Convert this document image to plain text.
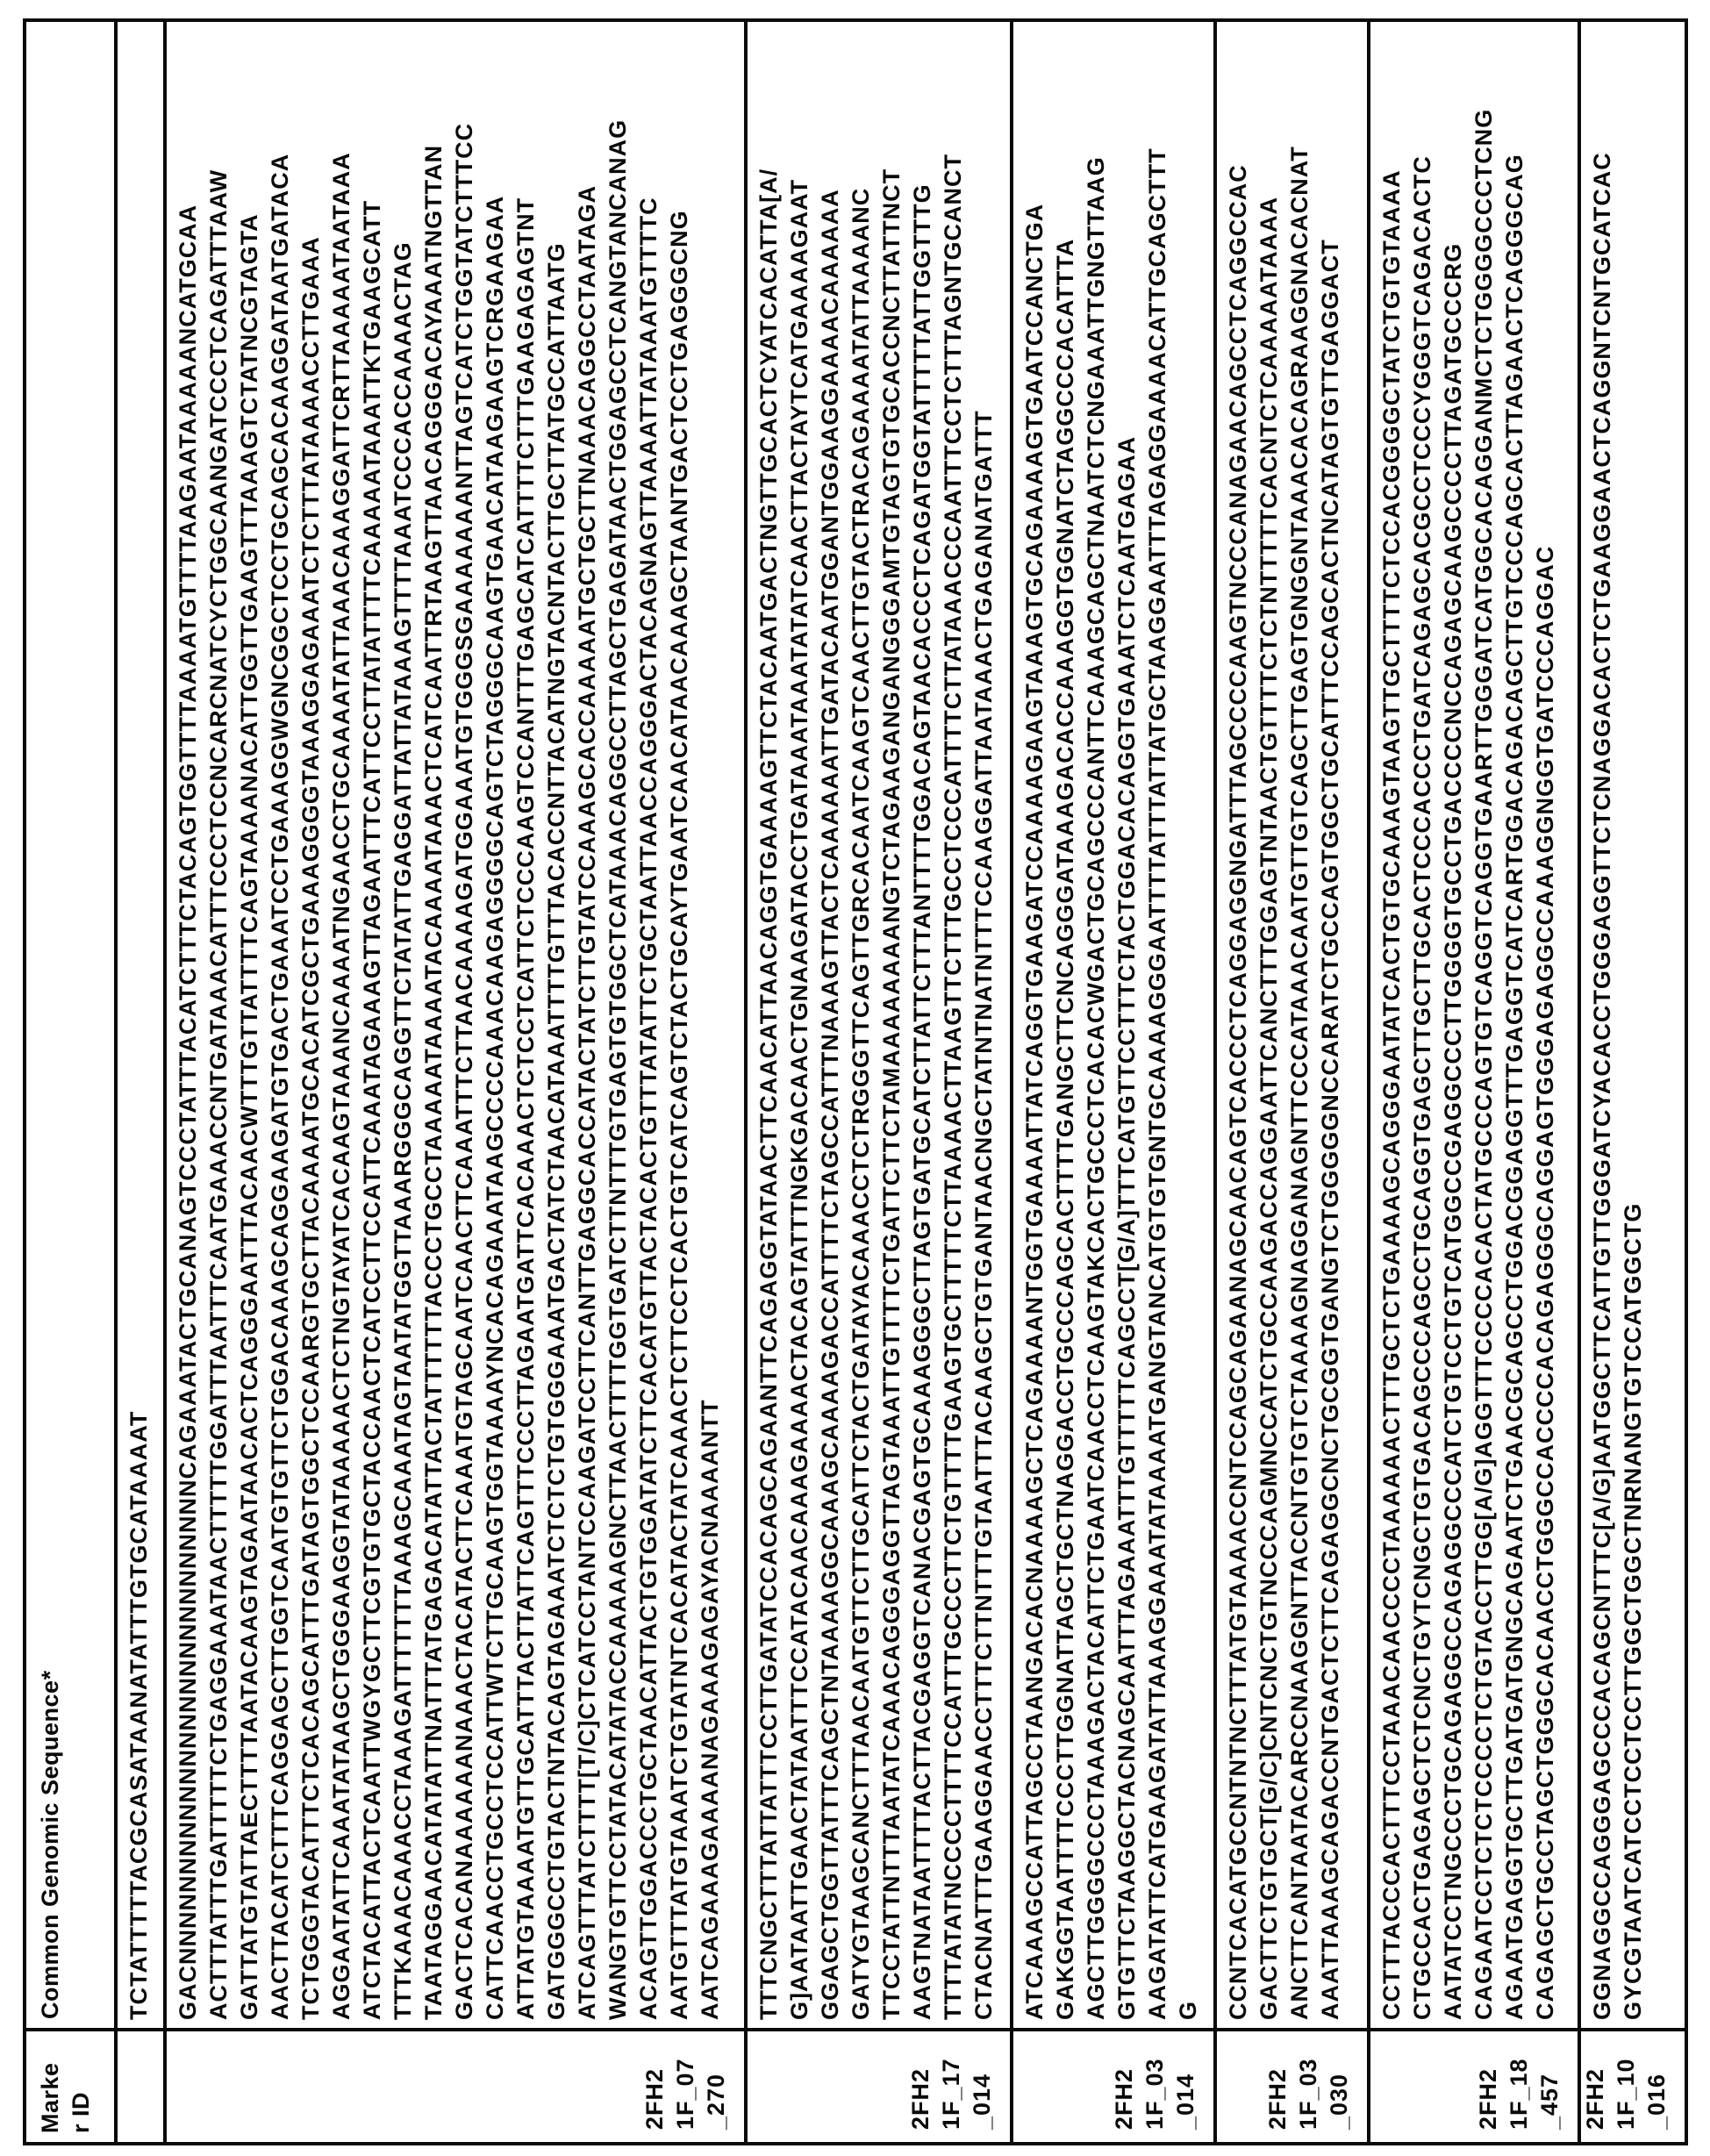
Marke r ID
Common Genomic Sequence*	TCTATTTTTACGCASATAANATATTTGTGCATAAAAT
2FH2 1F_07 _270
GACNNNNNNNNNNNNNNNNNNNNNNNNNNNCAGAAATACTGCANAGTCCCTATTTACATCTTTCTACAGTGGTTTTAAAATGTTTTAAGAATAAAAANCATGCAA ACTTTATTTGATTTTTCTGAGGAAATAACTTTTTGGATTTAATTTCAATGAAACCNTGATAAACATTTCCCTCCNCARCNATCYCTGGCAANGATCCCTCAGATTTAAW GATTATGTATTAECTTTTAATACAAGTAGAATAACACTCAGGGAATTTACAACWTTTGTTATTTTCAGTAAAANACATTGGTTGAAGTTTAAAGTCTATNCGTAGTA AACTTACATCTTTCAGGAGCTTGGTCAATGTGTTCTGGACAAAGCAGGAAGATGTGACTGAAATCCTGAAAGGWGNCGGCTCCTGCAGCACAAGGATAATGATACA TCTGGGTACATTTCTCACAGCATTTGATAGTGGCTCCAARGTGCTTACAAAATGCACATCGCTGAAAGGGGTAAAGGAGAAATCTCTTTATAAAACCTTGAAA AGGAATATTCAAATATAAGCTGGGAAGGTATAAAAACTCTNGTAYATCACAAGTAAANCAAAATNGAACCTGCAAAATATTAAACAAAGGATTCRTTAAAAATAATAAA ATCTACATTACTCAATTWGYGCTTCGTGTGCTACCAACTCATCCTTCCATTCAAATAGAAAGTTAGAATTTCATTCCTTATATTTTCAAAAATAAATTKTGAAGCATT TTTKAAACAAACCTAAAGATTTTTTTAAAGCAAATAGTAATATGGTTAAARGGGCAGGTTCTATATTGAGGATTATTATAAAGTTTTAAATCCCACCAAAACTAG TAATAGGAACATATATTNATTTATGAGACATATTACTATTTTTTACCCTGCCTAAAAATAAAATACAAAATAAACTCATCAATTRTAAGTTAACAGGGACAYAAATNGTTAN GACTCACANAAAAAANAAACTACATACTTCAAATGTAGCAATCAACTTCAAATTTCTTAACAAAAGATGGAAATGTGGGSGAAAAAAANTTAGTCATCTGGTATCTTTCC CATTCAACCTGCCTCCATTWTCTTGCAAGTGGTAAAAYNCACAGAAATAAGCCCCAAACAAGAGGGGCAGTCTAGGGCAAGTGAACATAAGAAGTCRGAAGAA ATTATGTAAAATGTTGCATTTACTTATTCAGTTTCCCTTAGAATGATTCACAAACTCTCCTCATTCTCCCAAGTCCANTTTGAGCATCATTTTCTTTGAAGAGAGTNT GATGGGCCTGTACTNTACAGTAGAAATCTCTCTGTGGGAAATGACTATCTAACATAAATTTTGTTTACACCNTTACATNGTACNTACTTGCTTATGCCATTAATG ATCAGTTTATCTTTT[T/C]CTCATCCTANTCCAAGATCCTTCANTTGAGGCACCATACTATCTTGTATCCAAAGCACCAAAAATGCTGCTTNAAACAGGCCTAATAGA WANGTGTTCCTATACATATACCAAAAAGNCTTAACTTTTGGTGATCTTNTTTGTGAGTGTGGCTCATAAACAGGCCTTAGCTGAGATAACTGGAGCCTCANGTANCANAG ACAGTTGGACCCTGCTAACATTACTGTGGATATCTTCACATGTTACTACACTGTTTATATTCTGCTAATTAACCAGGGACTACAGNAGTTAAAATTATAAATGTTTTC AATGTTTATGTAAATCTGTATNTCACATACTATCAAACTCTTCCTCACTGTCATCAGTCTACTGCAYTGAATCAACATAACAAAGCTAANTGACTCCTGAGGGCNG AATCAGAAAGAAAANAGAAAGAGAYACNAAAANTT
2FH2 1F_17 _014
TTTCNGCTTTATTATTTCCTTGATATCCACAGCAGAANTTCAGAGGTATAACTTCAACATTAACAGGTGAAAAGTTCTACAATGACTNGTTGCACTCYATCACATTA[A/ G]AATAATTGAACTATAATTTCCATACAACAAAGAAAACTACAGTATTTNGKGACAACTGNAAGATACCTGATAAATAAATATATCAACTTACTAYTCATGAAAAGAAT GGAGCTGGTTATTTCAGCTNTAAAAGGCAAAGCAAAAGACCATTTTCTAGCCATTTNAAAGTTACTCAAAAAATTGATACAATGGANTGGAAGGAAAACAAAAAA GATYGTAAGCANCTTTAACAATGTTCTTGCATTCTACTGATAYACAAACCTCTRGGGTTCAGTTGRCACAATCAAGTCAACTTGTACTRACAGAAAATATTAAAANC TTCCTATTNTTTAATATCAAACAGGGAGGTTAGTAAATTGTTTTCTGATTCTTCTAMAAAAAAAANGTCTAGAAGANGANGGGAMTGTAGTGTGCACCNCTTATTNCT AAGTNATAATTTTACTTACGAGGTCANACGAGTGCAAAGGGCTTAGTGATGCATCTTATTCTTTANTTTTGGACAGTAACACCCTCAGATGGTATTTTTATTGGTTTG TTTTATATNCCCCTTTTCCATTTGCCCTTCTGTTTTGAAGTGCTTTTTCTTAAAACTTAAGTTCTTTGCCTCCCATTTTCTTATAAACCCAATTTCCTCTTTAGNTGCANCT CTACNATTTGAAGGAACCTTTCTTNTTTGTAATTTACAAGCTGTGANTAACNGCTATNTNATNTTTCCAAGGATTAATAAACTGAGANATGATTT
2FH2 1F_03 _014
ATCAAAGCCATTAGCCTAANGACACNAAAAGCTCAGAAAANTGGTGAAAATTATCAGGTGAAGATCCAAAAGAAGTAAAGTGCAGAAAAGTGAATCCANCTGA GAKGGTAATTTTCCCTTGGNATTAGCTGCTNAGGACCTGCCCAGCACTTTTGANGCTTCNCAGGGATAAAGACACCAAAGGTGGNATCTAGGCCCACATTTA AGCTTGGGGCCCTAAAGACTACATTCTGAATCAACCTCAAGTAKCACTGCCCTCACACWGACTGCAGCCCANTTCAAAGCAGCTNAATCTCNGAAATTGNGTTAAG GTGTTCTAAGGCTACNAGCAATTTAGAAATTTGTTTTTCAGCCT[G/A]TTTCATGTTCCTTTCTACTGGACACAGGTGAAATCTCAATGAGAA AAGATATTCATGAAGATATTAAAGGAAATATAAAATGANGTANCATGTGTGNTGCAAAAGGGAATTTTATTTATTATGCTAAGGAATTTAGAGGAAAACATTGCAGCTTT G
2FH2 1F_03 _030
CCNTCACATGCCNTNTNCTTTATGTAAAACCNTCCAGCAGAANAGCAACAGTCACCCTCAGGAGGNGATTTAGCCCCAAGTNCCCANAGAACAGCCTCAGGCCAC GACTTCTGTGCT[G/C]CNTCNCTGTNCCCAGMNCCATCTGCCAAGACCAGGAATTCANCTTTGGAGTNTAACTGTTTTCTCTNTTTTTCACNTCTCAAAAATAAAA ANCTTCANTAATACARCCNAAGGNTTACCNTGTGTCTAAAAGNAGGANAGNTTCCCATAAACAATGTTGTCAGCTTGAGTGNGGNTAAACACAGRAAGGNACACNAT AAATTAAAGCAGACCNTGACTCTTCAGAGGCNCTGCGGTGANGTCTGGGGGNCCARATCTGCCAGTGGCTGCATTTCCAGCACTNCATAGTGTTGAGGACT
2FH2 1F_18 _457
CCTTTACCCACTTTCCTAAACAACCCCTAAAAAACTTTGCTCTGAAAAGCAGGGAATATCACTGTGCAAAGTAAGTTGCTTTTCTCCACGGGGCTATCTGTGTAAAA CTGCCACTGAGAGCTCTCNCTGYTCNGCTGTGACAGCCCAGCCTGCAGGTGAGCTTGCTTGCACTCCCACCCTGATCAGAGCACGCCTCCCYGGGTCAGACACTC AATATCCTNGCCCTGCAGAGGCCAGAGGCCCATCTGTCCTGTCATGGCCGAGGCCCTTGGGGTGCCTGACCCCNCCAGAGCAAGCCCCTTAGATGCCCRG CAGAATCCTCTCTCCCCTCTGTACCTTGG[A/G]AGGTTTCCCCACACTATGCCCAGTGTCAGGTCAGGTGAARTTGGGATCATGGCACAGGANMCTCTGGGGCCCTCNG AGAATGAGGTGCTTGATGATGNGCAGAATCTGAACGCAGCCTGGACGGAGGTTTGAGGTCATCARTGGACAGACAGCTTGTCCCAGCACTTAGAACTCAGGGCAG CAGAGCTGCCTAGCTGGGCACAACCTGGGCCACCCCACAGAGGGCAGGAGTGGGAGAGGCCAAAGGNGGTGATCCCAGGAC
2FH2 1F_10 _016
GGNAGGCCAGGGAGCCCACAGCNTTTC[A/G]AATGGCTTCATTGTTGGGATCYACACCTGGGAGGTTCTCNAGGACACTCTGAAGGAACTCAGGNTCNTGCATCAC GYCGTAATCATCCTCCTCCTTGGCTGGCTNRNANGTGTCCATGGCTG
